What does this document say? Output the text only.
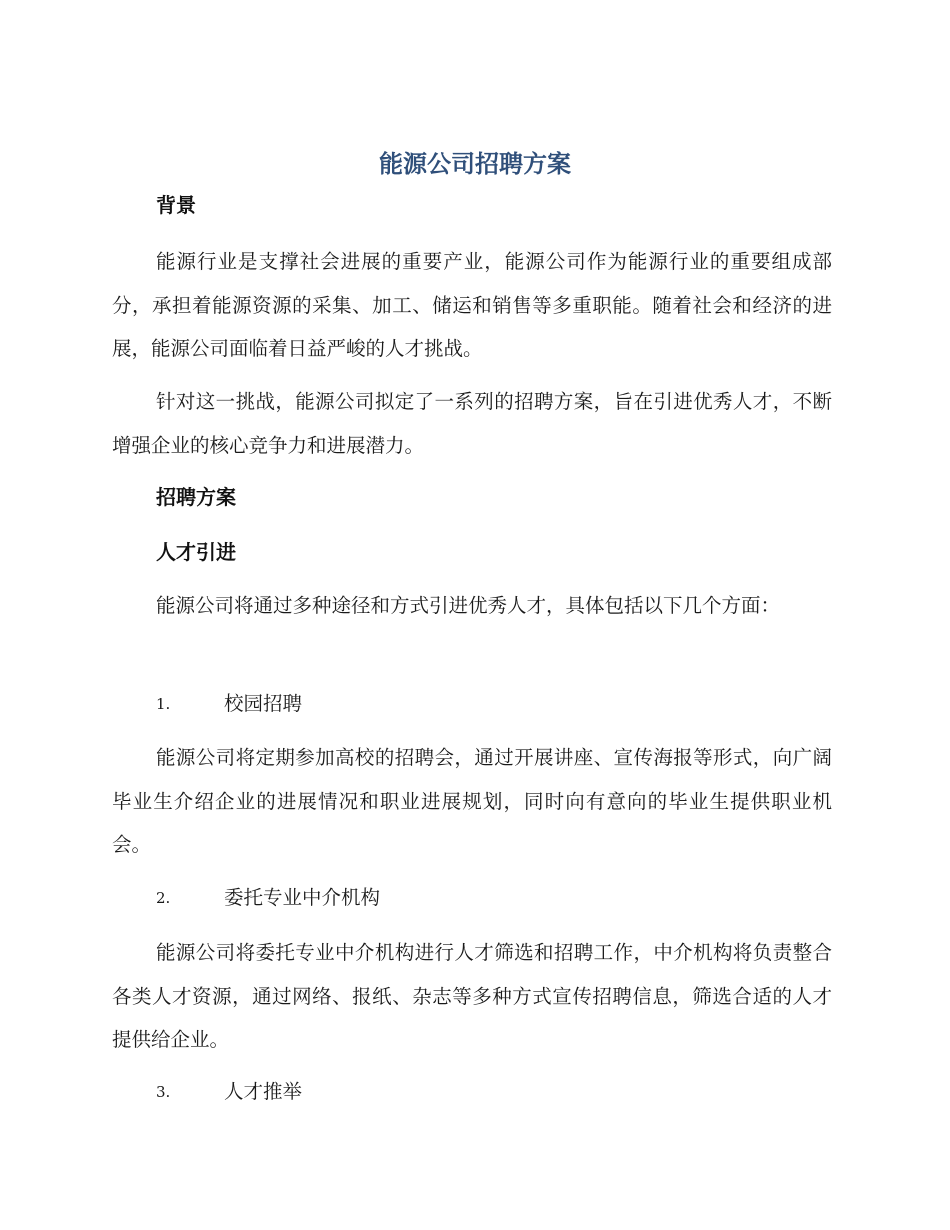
能源公司招聘方案
背景

能源行业是支撑社会进展的重要产业，能源公司作为能源行业的重要组成部分，承担着能源资源的采集、加工、储运和销售等多重职能。随着社会和经济的进展，能源公司面临着日益严峻的人才挑战。

针对这一挑战，能源公司拟定了一系列的招聘方案，旨在引进优秀人才，不断增强企业的核心竞争力和进展潜力。

招聘方案
人才引进

能源公司将通过多种途径和方式引进优秀人才，具体包括以下几个方面：

1.	校园招聘

能源公司将定期参加高校的招聘会，通过开展讲座、宣传海报等形式，向广阔毕业生介绍企业的进展情况和职业进展规划，同时向有意向的毕业生提供职业机会。

2.	委托专业中介机构

能源公司将委托专业中介机构进行人才筛选和招聘工作，中介机构将负责整合各类人才资源，通过网络、报纸、杂志等多种方式宣传招聘信息，筛选合适的人才提供给企业。

3.	人才推举
